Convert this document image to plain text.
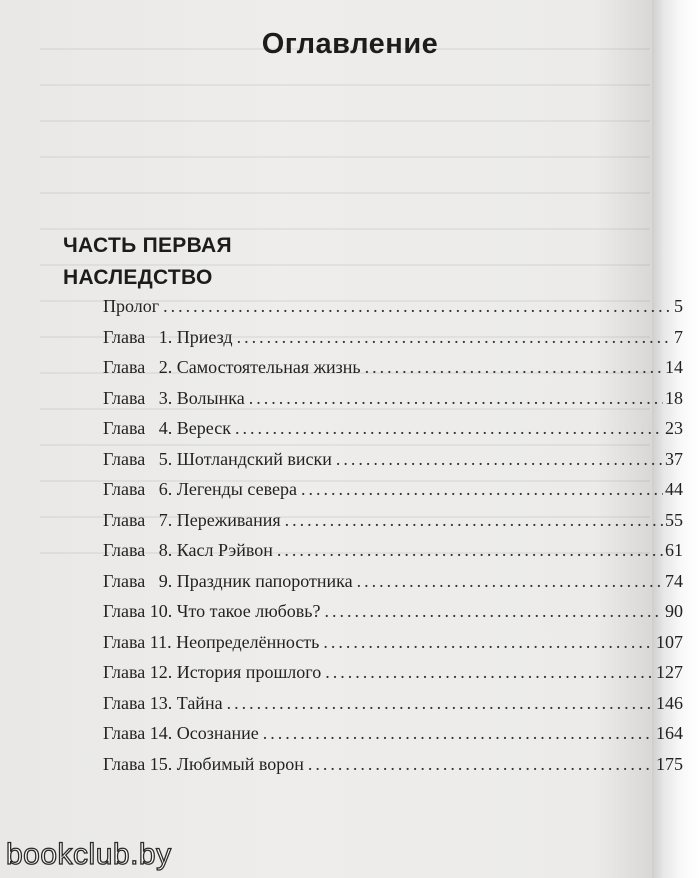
Оглавление
ЧАСТЬ ПЕРВАЯ
НАСЛЕДСТВО
Пролог .....	5
Глава   1. Приезд .....	7
Глава   2. Самостоятельная жизнь .....	14
Глава   3. Волынка .....	18
Глава   4. Вереск .....	23
Глава   5. Шотландский виски .....	37
Глава   6. Легенды севера .....	44
Глава   7. Переживания .....	55
Глава   8. Касл Рэйвон .....	61
Глава   9. Праздник папоротника .....	74
Глава 10. Что такое любовь? .....	90
Глава 11. Неопределённость .....	107
Глава 12. История прошлого .....	127
Глава 13. Тайна .....	146
Глава 14. Осознание .....	164
Глава 15. Любимый ворон .....	175
bookclub.by
